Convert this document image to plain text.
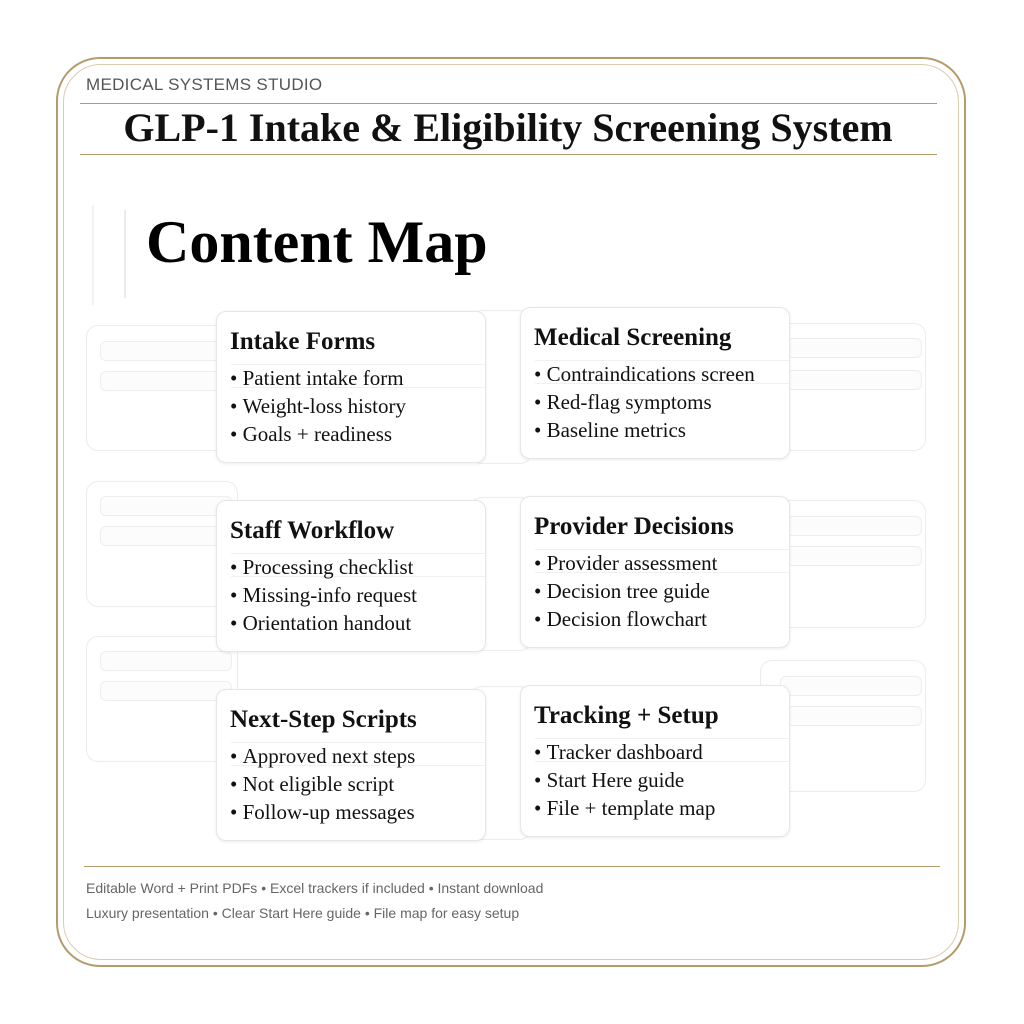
MEDICAL SYSTEMS STUDIO
GLP-1 Intake & Eligibility Screening System
Content Map
Intake Forms
• Patient intake form
• Weight-loss history
• Goals + readiness
Medical Screening
• Contraindications screen
• Red-flag symptoms
• Baseline metrics
Staff Workflow
• Processing checklist
• Missing-info request
• Orientation handout
Provider Decisions
• Provider assessment
• Decision tree guide
• Decision flowchart
Next-Step Scripts
• Approved next steps
• Not eligible script
• Follow-up messages
Tracking + Setup
• Tracker dashboard
• Start Here guide
• File + template map
Editable Word + Print PDFs • Excel trackers if included • Instant download
Luxury presentation • Clear Start Here guide • File map for easy setup
